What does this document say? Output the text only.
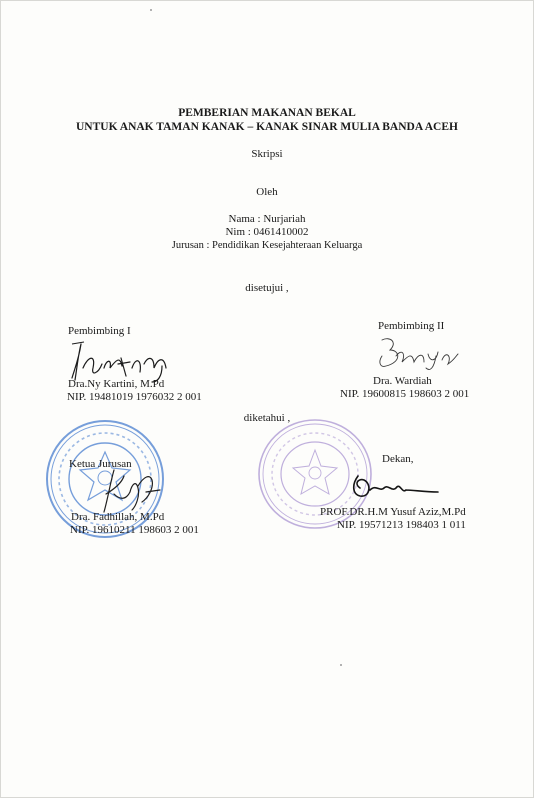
PEMBERIAN MAKANAN BEKAL
UNTUK ANAK TAMAN KANAK – KANAK SINAR MULIA BANDA ACEH
Skripsi
Oleh
Nama : Nurjariah
Nim : 0461410002
Jurusan : Pendidikan Kesejahteraan Keluarga
disetujui ,
Pembimbing I
Dra.Ny Kartini, M.Pd
NIP. 19481019 1976032 2 001
Pembimbing II
Dra. Wardiah
NIP. 19600815 198603 2 001
diketahui ,
Ketua Jurusan
Dra. Fadhillah, M.Pd
NIP. 19610211 198603 2 001
Dekan,
PROF.DR.H.M Yusuf Aziz,M.Pd
NIP. 19571213 198403 1 011
